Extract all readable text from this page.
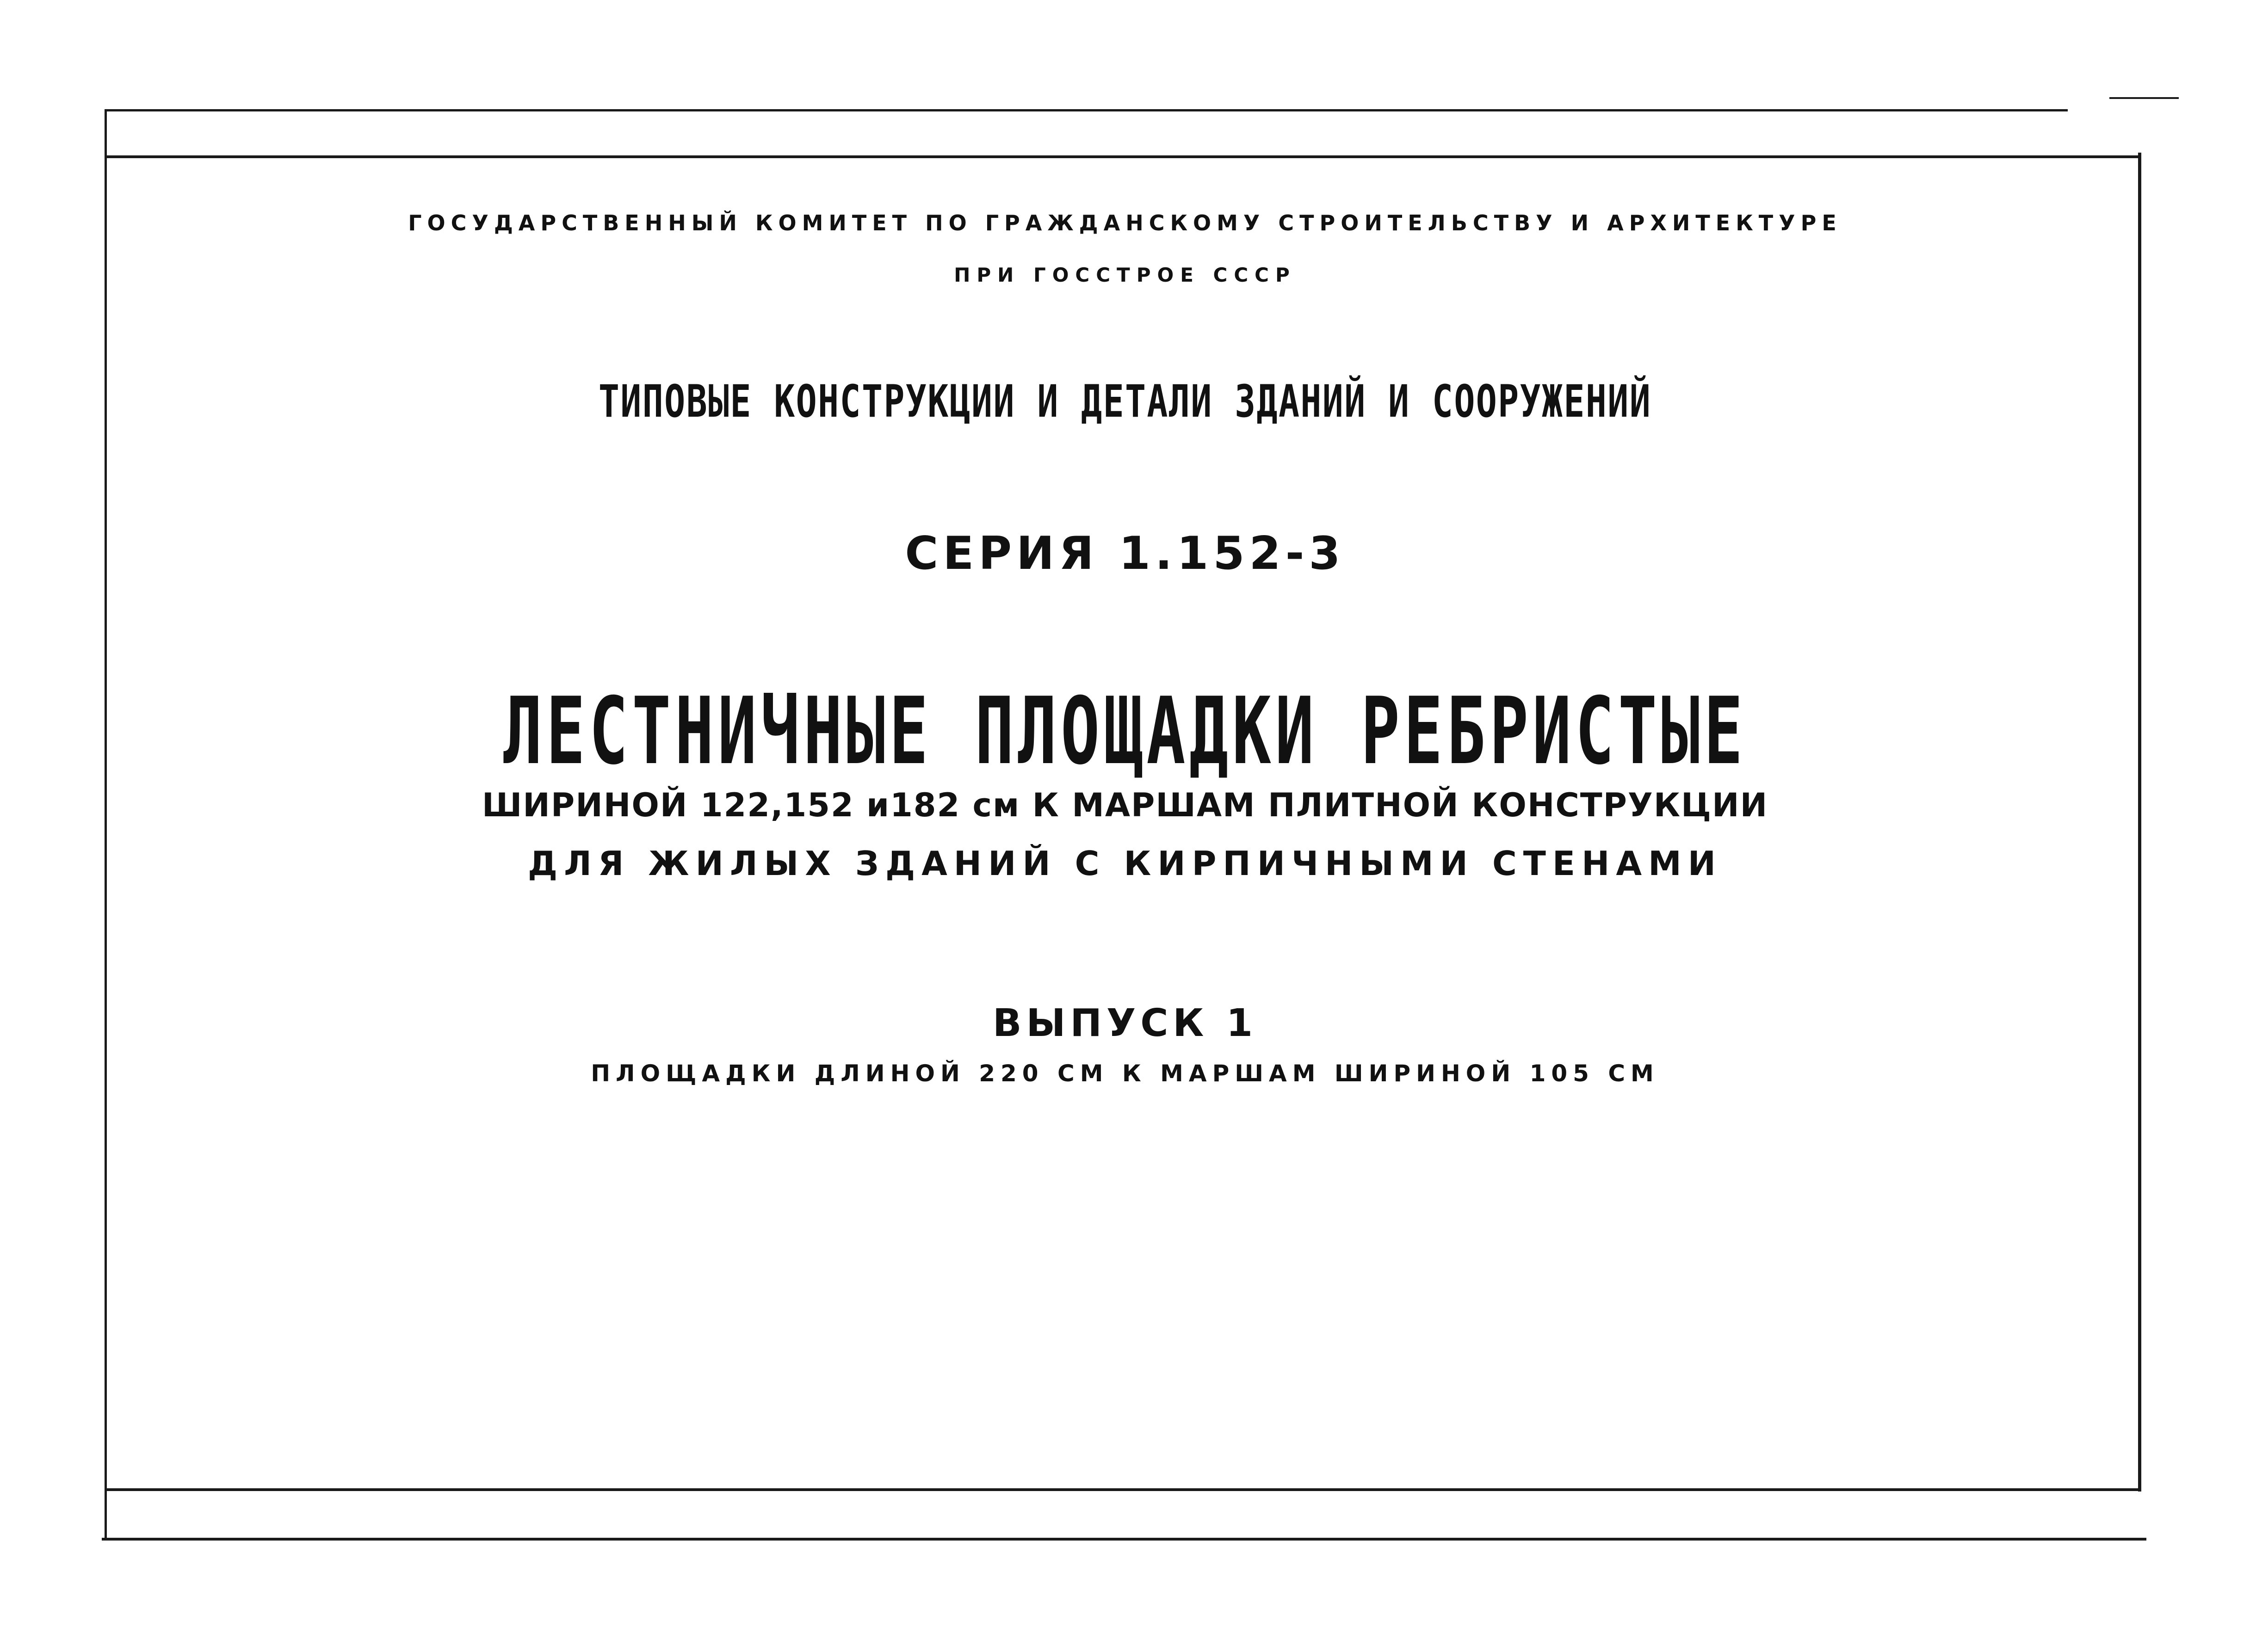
ГОСУДАРСТВЕННЫЙ КОМИТЕТ ПО ГРАЖДАНСКОМУ СТРОИТЕЛЬСТВУ И АРХИТЕКТУРЕ
ПРИ ГОССТРОЕ СССР
ТИПОВЫЕ КОНСТРУКЦИИ И ДЕТАЛИ ЗДАНИЙ И СООРУЖЕНИЙ
СЕРИЯ 1.152-3
ЛЕСТНИЧНЫЕ ПЛОЩАДКИ РЕБРИСТЫЕ
ШИРИНОЙ 122,152 и182 см К МАРШАМ ПЛИТНОЙ КОНСТРУКЦИИ
ДЛЯ ЖИЛЫХ ЗДАНИЙ С КИРПИЧНЫМИ СТЕНАМИ
ВЫПУСК 1
ПЛОЩАДКИ ДЛИНОЙ 220 СМ К МАРШАМ ШИРИНОЙ 105 СМ
